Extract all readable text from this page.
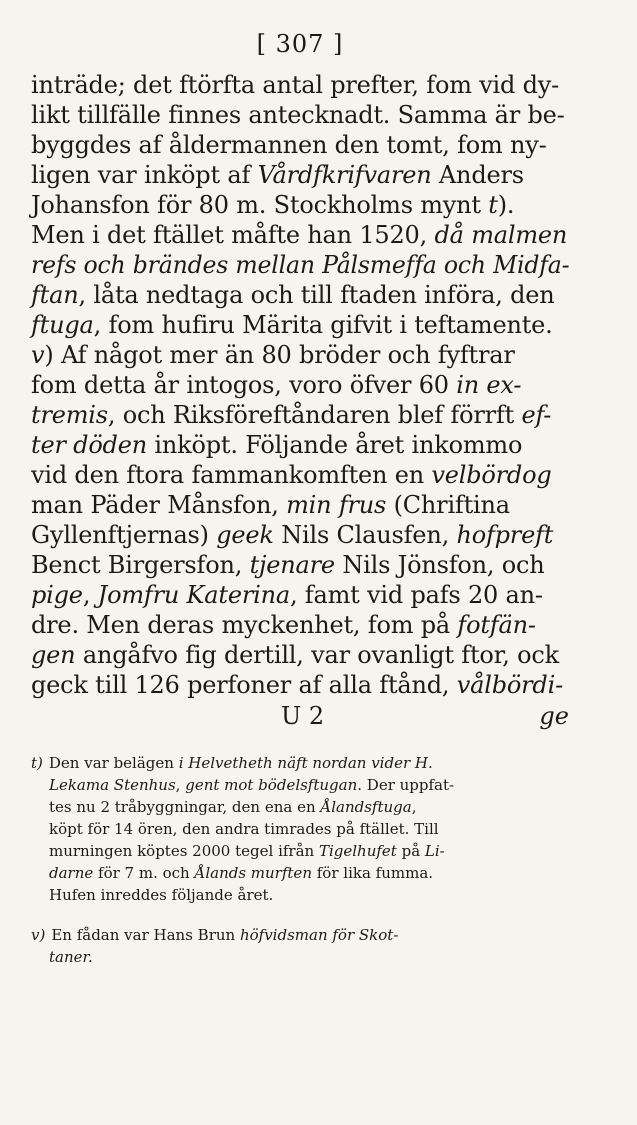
[ 307 ]
inträde; det ftörfta antal prefter, fom vid dy-
likt tillfälle finnes antecknadt. Samma är be-
byggdes af åldermannen den tomt, fom ny-
ligen var inköpt af Vårdfkrifvaren Anders
Johansfon för 80 m. Stockholms mynt t).
Men i det ftället måfte han 1520, då malmen
refs och brändes mellan Pålsmeffa och Midfa-
ftan, låta nedtaga och till ftaden införa, den
ftuga, fom hufiru Märita gifvit i teftamente.
v) Af något mer än 80 bröder och fyftrar
fom detta år intogos, voro öfver 60 in ex-
tremis, och Riksföreftåndaren blef förrft ef-
ter döden inköpt. Följande året inkommo
vid den ftora fammankomften en velbördog
man Päder Månsfon, min frus (Chriftina
Gyllenftjernas) geek Nils Clausfen, hofpreft
Benct Birgersfon, tjenare Nils Jönsfon, och
pige, Jomfru Katerina, famt vid pafs 20 an-
dre. Men deras myckenhet, fom på fotfän-
gen angåfvo fig dertill, var ovanligt ftor, ock
geck till 126 perfoner af alla ftånd, vålbördi-
U 2	ge
t) Den var belägen i Helvetheth näft nordan vider H.
Lekama Stenhus, gent mot bödelsftugan. Der uppfat-
tes nu 2 tråbyggningar, den ena en Ålandsftuga,
köpt för 14 ören, den andra timrades på ftället. Till
murningen köptes 2000 tegel ifrån Tigelhufet på Li-
darne för 7 m. och Ålands murften för lika fumma.
Hufen inreddes följande året.
v) En fådan var Hans Brun höfvidsman för Skot-
taner.
